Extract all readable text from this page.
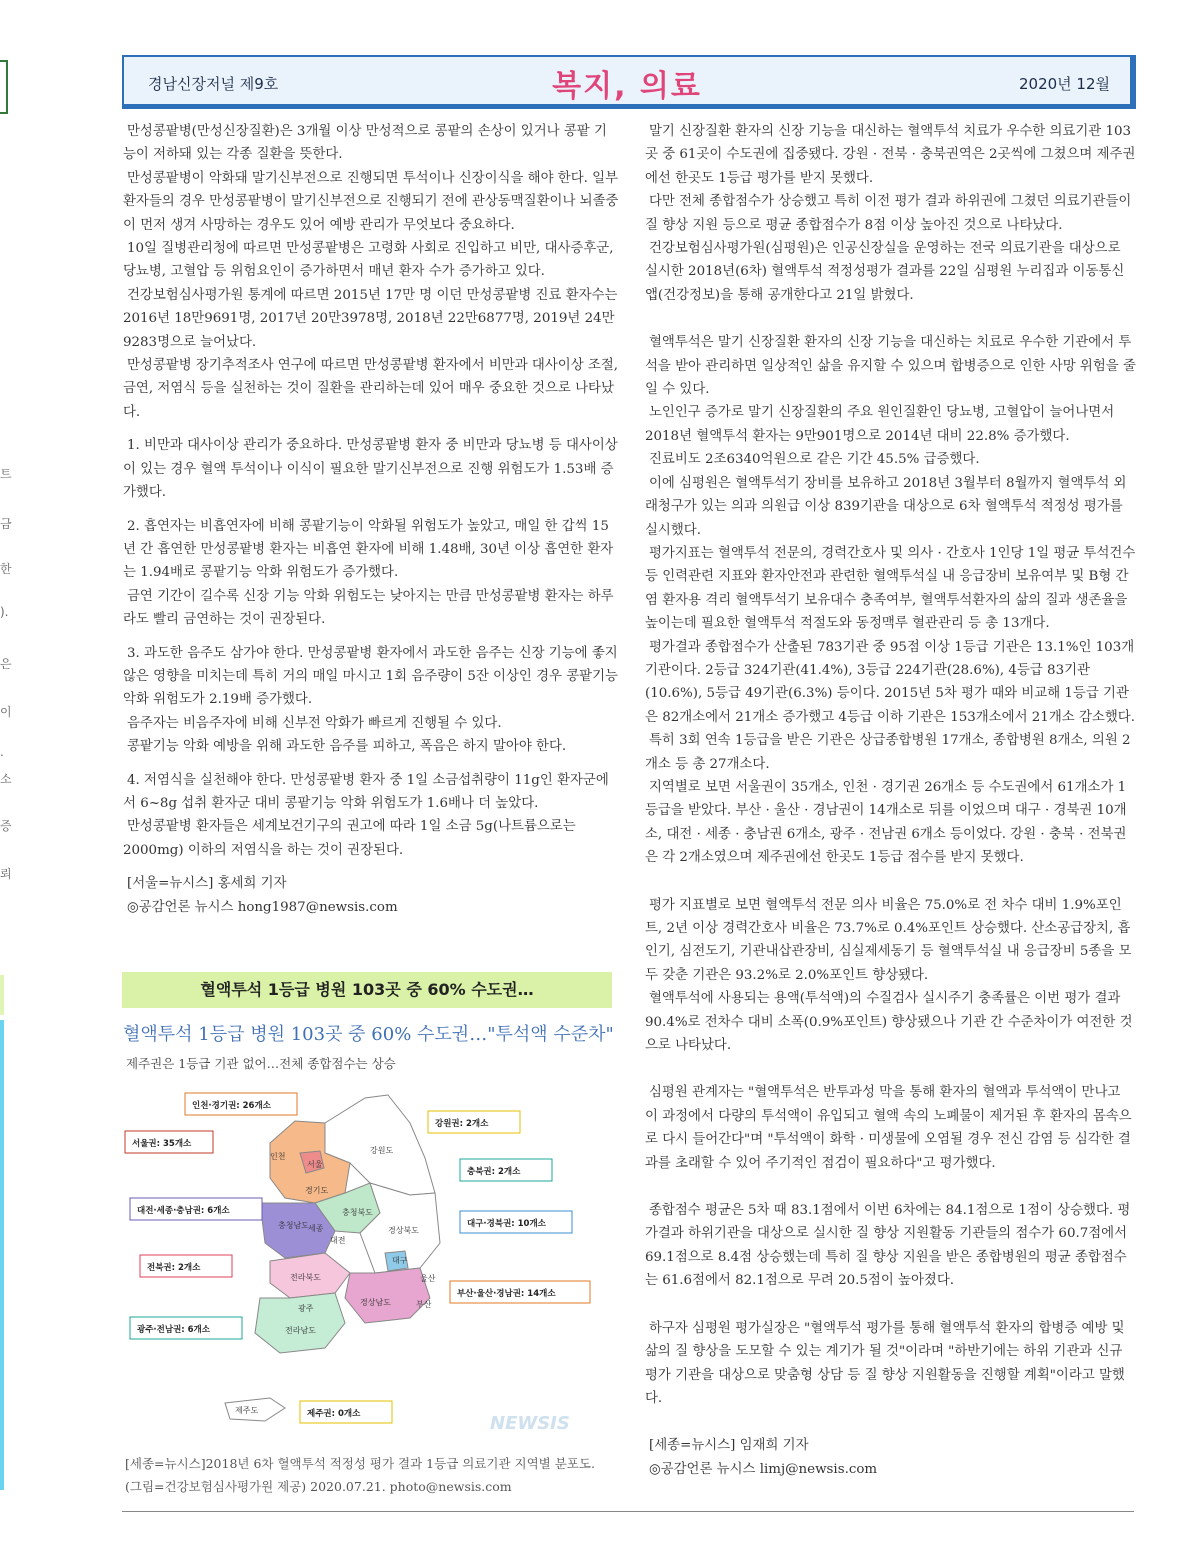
트
금
한
).
은
이
.
소
증
뢰
경남신장저널 제9호	복지, 의료	2020년 12월

만성콩팥병(만성신장질환)은 3개월 이상 만성적으로 콩팥의 손상이 있거나 콩팥 기능이 저하돼 있는 각종 질환을 뜻한다.

만성콩팥병이 악화돼 말기신부전으로 진행되면 투석이나 신장이식을 해야 한다. 일부 환자들의 경우 만성콩팥병이 말기신부전으로 진행되기 전에 관상동맥질환이나 뇌졸중이 먼저 생겨 사망하는 경우도 있어 예방 관리가 무엇보다 중요하다.

10일 질병관리청에 따르면 만성콩팥병은 고령화 사회로 진입하고 비만, 대사증후군, 당뇨병, 고혈압 등 위험요인이 증가하면서 매년 환자 수가 증가하고 있다.

건강보험심사평가원 통계에 따르면 2015년 17만 명 이던 만성콩팥병 진료 환자수는 2016년 18만9691명, 2017년 20만3978명, 2018년 22만6877명, 2019년 24만9283명으로 늘어났다.

만성콩팥병 장기추적조사 연구에 따르면 만성콩팥병 환자에서 비만과 대사이상 조절, 금연, 저염식 등을 실천하는 것이 질환을 관리하는데 있어 매우 중요한 것으로 나타났다.

1. 비만과 대사이상 관리가 중요하다. 만성콩팥병 환자 중 비만과 당뇨병 등 대사이상이 있는 경우 혈액 투석이나 이식이 필요한 말기신부전으로 진행 위험도가 1.53배 증가했다.

2. 흡연자는 비흡연자에 비해 콩팥기능이 악화될 위험도가 높았고, 매일 한 갑씩 15년 간 흡연한 만성콩팥병 환자는 비흡연 환자에 비해 1.48배, 30년 이상 흡연한 환자는 1.94배로 콩팥기능 악화 위험도가 증가했다.

금연 기간이 길수록 신장 기능 악화 위험도는 낮아지는 만큼 만성콩팥병 환자는 하루라도 빨리 금연하는 것이 권장된다.

3. 과도한 음주도 삼가야 한다. 만성콩팥병 환자에서 과도한 음주는 신장 기능에 좋지 않은 영향을 미치는데 특히 거의 매일 마시고 1회 음주량이 5잔 이상인 경우 콩팥기능 악화 위험도가 2.19배 증가했다.

음주자는 비음주자에 비해 신부전 악화가 빠르게 진행될 수 있다.

콩팥기능 악화 예방을 위해 과도한 음주를 피하고, 폭음은 하지 말아야 한다.

4. 저염식을 실천해야 한다. 만성콩팥병 환자 중 1일 소금섭취량이 11g인 환자군에서 6~8g 섭취 환자군 대비 콩팥기능 악화 위험도가 1.6배나 더 높았다.

만성콩팥병 환자들은 세계보건기구의 권고에 따라 1일 소금 5g(나트륨으로는 2000mg) 이하의 저염식을 하는 것이 권장된다.

[서울=뉴시스] 홍세희 기자

◎공감언론 뉴시스 hong1987@newsis.com

혈액투석 1등급 병원 103곳 중 60% 수도권…
혈액투석 1등급 병원 103곳 중 60% 수도권…"투석액 수준차"
제주권은 1등급 기관 없어…전체 종합점수는 상승
인천
서울
경기도
강원도
충청북도
세종
대전
충청남도
경상북도
대구
전라북도
광주
울산
경상남도	부산
전라남도
제주도
인천·경기권: 26개소
서울권: 35개소
강원권: 2개소
충북권: 2개소
대전·세종·충남권: 6개소
대구·경북권: 10개소
전북권: 2개소
부산·울산·경남권: 14개소
광주·전남권: 6개소
제주권: 0개소	NEWSIS
[세종=뉴시스]2018년 6차 혈액투석 적정성 평가 결과 1등급 의료기관 지역별 분포도.
(그림=건강보험심사평가원 제공) 2020.07.21. photo@newsis.com

말기 신장질환 환자의 신장 기능을 대신하는 혈액투석 치료가 우수한 의료기관 103곳 중 61곳이 수도권에 집중됐다. 강원 · 전북 · 충북권역은 2곳씩에 그쳤으며 제주권에선 한곳도 1등급 평가를 받지 못했다.

다만 전체 종합점수가 상승했고 특히 이전 평가 결과 하위권에 그쳤던 의료기관들이 질 향상 지원 등으로 평균 종합점수가 8점 이상 높아진 것으로 나타났다.

건강보험심사평가원(심평원)은 인공신장실을 운영하는 전국 의료기관을 대상으로 실시한 2018년(6차) 혈액투석 적정성평가 결과를 22일 심평원 누리집과 이동통신 앱(건강정보)을 통해 공개한다고 21일 밝혔다.

혈액투석은 말기 신장질환 환자의 신장 기능을 대신하는 치료로 우수한 기관에서 투석을 받아 관리하면 일상적인 삶을 유지할 수 있으며 합병증으로 인한 사망 위험을 줄일 수 있다.

노인인구 증가로 말기 신장질환의 주요 원인질환인 당뇨병, 고혈압이 늘어나면서 2018년 혈액투석 환자는 9만901명으로 2014년 대비 22.8% 증가했다.

진료비도 2조6340억원으로 같은 기간 45.5% 급증했다.

이에 심평원은 혈액투석기 장비를 보유하고 2018년 3월부터 8월까지 혈액투석 외래청구가 있는 의과 의원급 이상 839기관을 대상으로 6차 혈액투석 적정성 평가를 실시했다.

평가지표는 혈액투석 전문의, 경력간호사 및 의사 · 간호사 1인당 1일 평균 투석건수 등 인력관련 지표와 환자안전과 관련한 혈액투석실 내 응급장비 보유여부 및 B형 간염 환자용 격리 혈액투석기 보유대수 충족여부, 혈액투석환자의 삶의 질과 생존율을 높이는데 필요한 혈액투석 적절도와 동정맥루 혈관관리 등 총 13개다.

평가결과 종합점수가 산출된 783기관 중 95점 이상 1등급 기관은 13.1%인 103개 기관이다. 2등급 324기관(41.4%), 3등급 224기관(28.6%), 4등급 83기관(10.6%), 5등급 49기관(6.3%) 등이다. 2015년 5차 평가 때와 비교해 1등급 기관은 82개소에서 21개소 증가했고 4등급 이하 기관은 153개소에서 21개소 감소했다.

특히 3회 연속 1등급을 받은 기관은 상급종합병원 17개소, 종합병원 8개소, 의원 2개소 등 총 27개소다.

지역별로 보면 서울권이 35개소, 인천 · 경기권 26개소 등 수도권에서 61개소가 1등급을 받았다. 부산 · 울산 · 경남권이 14개소로 뒤를 이었으며 대구 · 경북권 10개소, 대전 · 세종 · 충남권 6개소, 광주 · 전남권 6개소 등이었다. 강원 · 충북 · 전북권은 각 2개소였으며 제주권에선 한곳도 1등급 점수를 받지 못했다.

평가 지표별로 보면 혈액투석 전문 의사 비율은 75.0%로 전 차수 대비 1.9%포인트, 2년 이상 경력간호사 비율은 73.7%로 0.4%포인트 상승했다. 산소공급장치, 흡인기, 심전도기, 기관내삽관장비, 심실제세동기 등 혈액투석실 내 응급장비 5종을 모두 갖춘 기관은 93.2%로 2.0%포인트 향상됐다.

혈액투석에 사용되는 용액(투석액)의 수질검사 실시주기 충족률은 이번 평가 결과 90.4%로 전차수 대비 소폭(0.9%포인트) 향상됐으나 기관 간 수준차이가 여전한 것으로 나타났다.

심평원 관계자는 "혈액투석은 반투과성 막을 통해 환자의 혈액과 투석액이 만나고 이 과정에서 다량의 투석액이 유입되고 혈액 속의 노폐물이 제거된 후 환자의 몸속으로 다시 들어간다"며 "투석액이 화학 · 미생물에 오염될 경우 전신 감염 등 심각한 결과를 초래할 수 있어 주기적인 점검이 필요하다"고 평가했다.

종합점수 평균은 5차 때 83.1점에서 이번 6차에는 84.1점으로 1점이 상승했다. 평가결과 하위기관을 대상으로 실시한 질 향상 지원활동 기관들의 점수가 60.7점에서 69.1점으로 8.4점 상승했는데 특히 질 향상 지원을 받은 종합병원의 평균 종합점수는 61.6점에서 82.1점으로 무려 20.5점이 높아졌다.

하구자 심평원 평가실장은 "혈액투석 평가를 통해 혈액투석 환자의 합병증 예방 및 삶의 질 향상을 도모할 수 있는 계기가 될 것"이라며 "하반기에는 하위 기관과 신규 평가 기관을 대상으로 맞춤형 상담 등 질 향상 지원활동을 진행할 계획"이라고 말했다.

[세종=뉴시스] 임재희 기자

◎공감언론 뉴시스 limj@newsis.com
